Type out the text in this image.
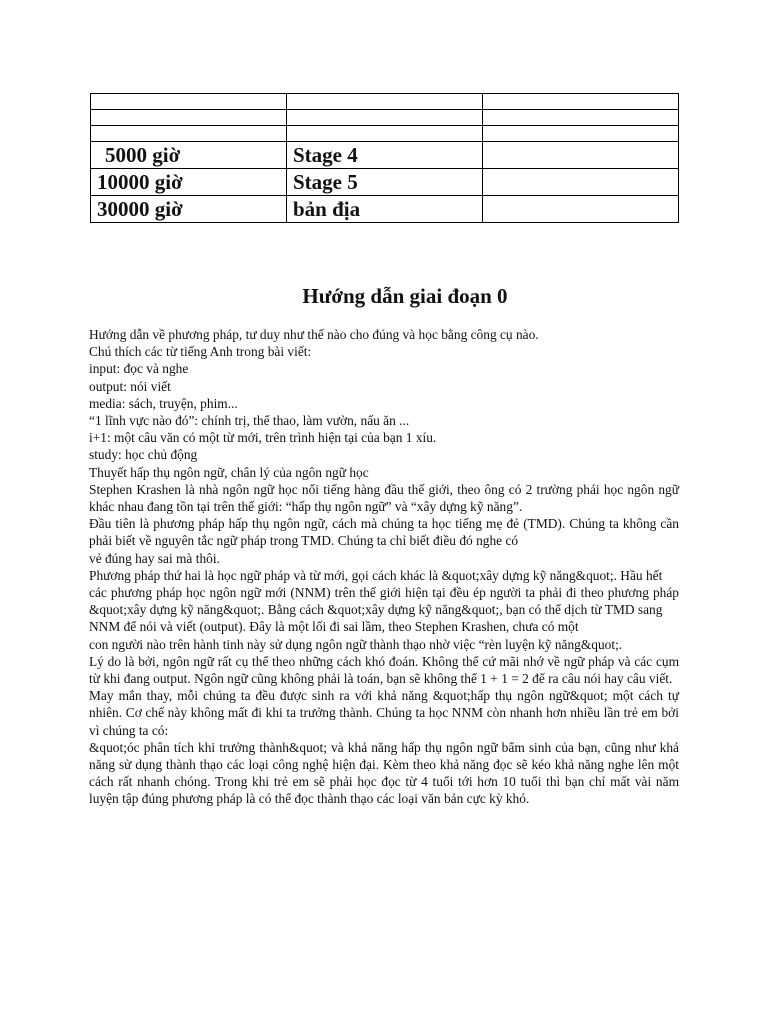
5000 giờ	Stage 4	
10000 giờ	Stage 5	
30000 giờ	bản địa	
Hướng dẫn giai đoạn 0

Hướng dẫn về phương pháp, tư duy như thế nào cho đúng và học bằng công cụ nào.

Chú thích các từ tiếng Anh trong bài viết:

input: đọc và nghe

output: nói viết

media: sách, truyện, phim...

“1 lĩnh vực nào đó”: chính trị, thể thao, làm vườn, nấu ăn ...

i+1: một câu văn có một từ mới, trên trình hiện tại của bạn 1 xíu.

study: học chủ động

Thuyết hấp thụ ngôn ngữ, chân lý của ngôn ngữ học

Stephen Krashen là nhà ngôn ngữ học nổi tiếng hàng đầu thế giới, theo ông có 2 trường phái học ngôn ngữ khác nhau đang tồn tại trên thế giới: “hấp thụ ngôn ngữ” và “xây dựng kỹ năng”.

Đầu tiên là phương pháp hấp thụ ngôn ngữ, cách mà chúng ta học tiếng mẹ đẻ (TMD). Chúng ta không cần phải biết về nguyên tắc ngữ pháp trong TMD. Chúng ta chỉ biết điều đó nghe có

vẻ đúng hay sai mà thôi.

Phương pháp thứ hai là học ngữ pháp và từ mới, gọi cách khác là &quot;xây dựng kỹ năng&quot;. Hầu hết

các phương pháp học ngôn ngữ mới (NNM) trên thế giới hiện tại đều ép người ta phải đi theo phương pháp &quot;xây dựng kỹ năng&quot;. Bằng cách &quot;xây dựng kỹ năng&quot;, bạn có thể dịch từ TMD sang

NNM để nói và viết (output). Đây là một lối đi sai lầm, theo Stephen Krashen, chưa có một

con người nào trên hành tinh này sử dụng ngôn ngữ thành thạo nhờ việc “rèn luyện kỹ năng&quot;.

Lý do là bởi, ngôn ngữ rất cụ thể theo những cách khó đoán. Không thể cứ mãi nhớ về ngữ pháp và các cụm từ khi đang output. Ngôn ngữ cũng không phải là toán, bạn sẽ không thể 1 + 1 = 2 để ra câu nói hay câu viết.

May mắn thay, mỗi chúng ta đều được sinh ra với khả năng &quot;hấp thụ ngôn ngữ&quot; một cách tự nhiên. Cơ chế này không mất đi khi ta trưởng thành. Chúng ta học NNM còn nhanh hơn nhiều lần trẻ em bởi vì chúng ta có:

&quot;óc phân tích khi trưởng thành&quot; và khả năng hấp thụ ngôn ngữ bẩm sinh của bạn, cũng như khả năng sử dụng thành thạo các loại công nghệ hiện đại. Kèm theo khả năng đọc sẽ kéo khả năng nghe lên một cách rất nhanh chóng. Trong khi trẻ em sẽ phải học đọc từ 4 tuổi tới hơn 10 tuổi thì bạn chỉ mất vài năm luyện tập đúng phương pháp là có thể đọc thành thạo các loại văn bản cực kỳ khó.
